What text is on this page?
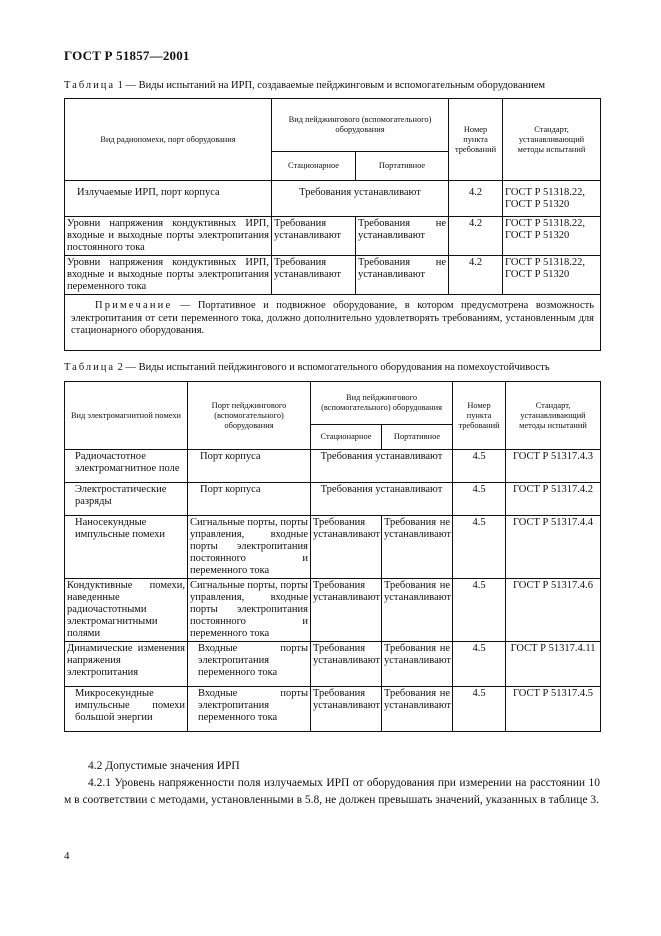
ГОСТ Р 51857—2001
Таблица 1 — Виды испытаний на ИРП, создаваемые пейджинговым и вспомогательным оборудованием
Вид радиопомехи, порт оборудования	Вид пейджингового (вспомогательного) оборудования		Номер пункта требований	Стандарт, устанавливающий методы испытаний
	Стационарное	Портативное		
Излучаемые ИРП, порт корпуса	Требования устанавливают		4.2	ГОСТ Р 51318.22, ГОСТ Р 51320
Уровни напряжения кондуктивных ИРП, входные и выходные порты электропитания постоянного тока	Требования устанавливают	Требования не устанавливают	4.2	ГОСТ Р 51318.22, ГОСТ Р 51320
Уровни напряжения кондуктивных ИРП, входные и выходные порты электропитания переменного тока	Требования устанавливают	Требования не устанавливают	4.2	ГОСТ Р 51318.22, ГОСТ Р 51320
Примечание — Портативное и подвижное оборудование, в котором предусмотрена возможность электропитания от сети переменного тока, должно дополнительно удовлетворять требованиям, установленным для стационарного оборудования.				
Таблица 2 — Виды испытаний пейджингового и вспомогательного оборудования на помехоустойчивость
Вид электромагнитной помехи	Порт пейджингового (вспомогательного) оборудования	Вид пейджингового (вспомогательного) оборудования		Номер пункта требований	Стандарт, устанавливающий методы испытаний
		Стационарное	Портативное		
Радиочастотное электромагнитное поле	Порт корпуса	Требования устанавливают		4.5	ГОСТ Р 51317.4.3
Электростатические разряды	Порт корпуса	Требования устанавливают		4.5	ГОСТ Р 51317.4.2
Наносекундные импульсные помехи	Сигнальные порты, порты управления, входные порты электропитания постоянного и переменного тока	Требования устанавливают	Требования не устанавливают	4.5	ГОСТ Р 51317.4.4
Кондуктивные помехи, наведенные радиочастотными электромагнитными полями	Сигнальные порты, порты управления, входные порты электропитания постоянного и переменного тока	Требования устанавливают	Требования не устанавливают	4.5	ГОСТ Р 51317.4.6
Динамические изменения напряжения электропитания	Входные порты электропитания переменного тока	Требования устанавливают	Требования не устанавливают	4.5	ГОСТ Р 51317.4.11
Микросекундные импульсные помехи большой энергии	Входные порты электропитания переменного тока	Требования устанавливают	Требования не устанавливают	4.5	ГОСТ Р 51317.4.5
4.2 Допустимые значения ИРП
4.2.1 Уровень напряженности поля излучаемых ИРП от оборудования при измерении на расстоянии 10 м в соответствии с методами, установленными в 5.8, не должен превышать значений, указанных в таблице 3.
4
